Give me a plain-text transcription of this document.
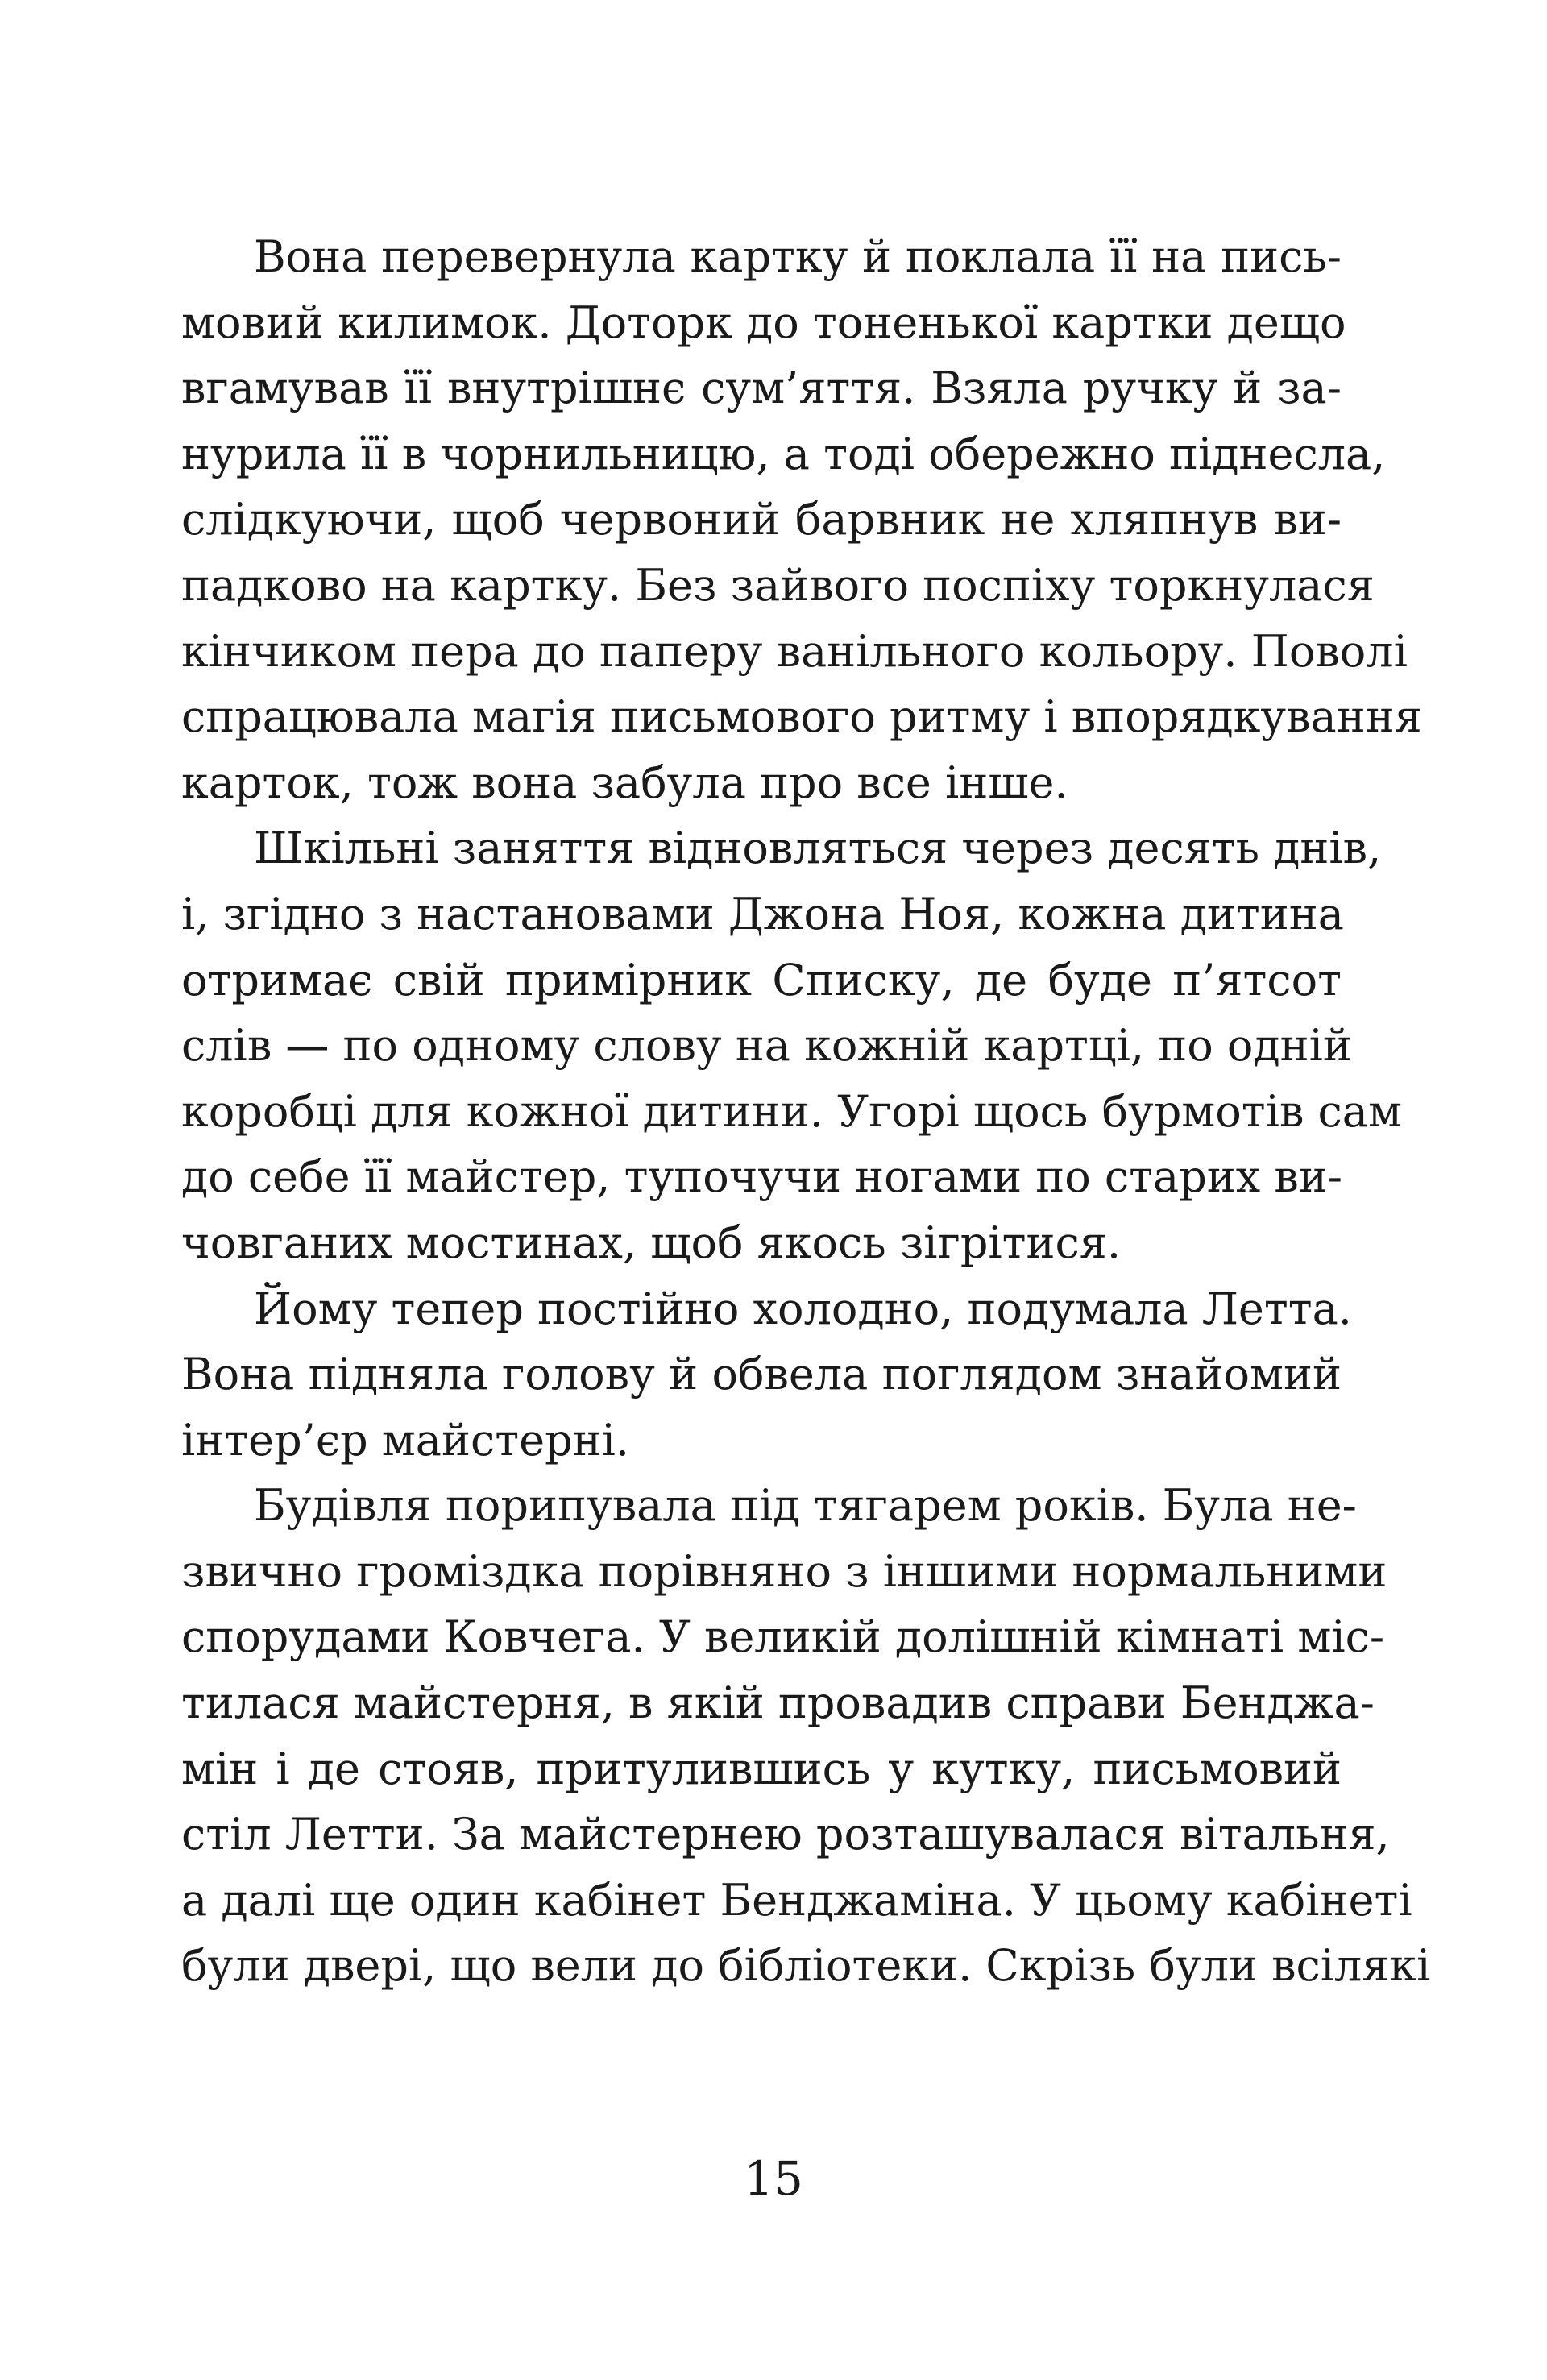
Вона перевернула картку й поклала її на пись-
мовий килимок. Доторк до тоненької картки дещо
вгамував її внутрішнє сум’яття. Взяла ручку й за-
нурила її в чорнильницю, а тоді обережно піднесла,
слідкуючи, щоб червоний барвник не хляпнув ви-
падково на картку. Без зайвого поспіху торкнулася
кінчиком пера до паперу ванільного кольору. Поволі
спрацювала магія письмового ритму і впорядкування
карток, тож вона забула про все інше.
Шкільні заняття відновляться через десять днів,
і, згідно з настановами Джона Ноя, кожна дитина
отримає свій примірник Списку, де буде п’ятсот
слів — по одному слову на кожній картці, по одній
коробці для кожної дитини. Угорі щось бурмотів сам
до себе її майстер, тупочучи ногами по старих ви-
човганих мостинах, щоб якось зігрітися.
Йому тепер постійно холодно, подумала Летта.
Вона підняла голову й обвела поглядом знайомий
інтер’єр майстерні.
Будівля порипувала під тягарем років. Була не-
звично громіздка порівняно з іншими нормальними
спорудами Ковчега. У великій долішній кімнаті міс-
тилася майстерня, в якій провадив справи Бенджа-
мін і де стояв, притулившись у кутку, письмовий
стіл Летти. За майстернею розташувалася вітальня,
а далі ще один кабінет Бенджаміна. У цьому кабінеті
були двері, що вели до бібліотеки. Скрізь були всілякі
15
